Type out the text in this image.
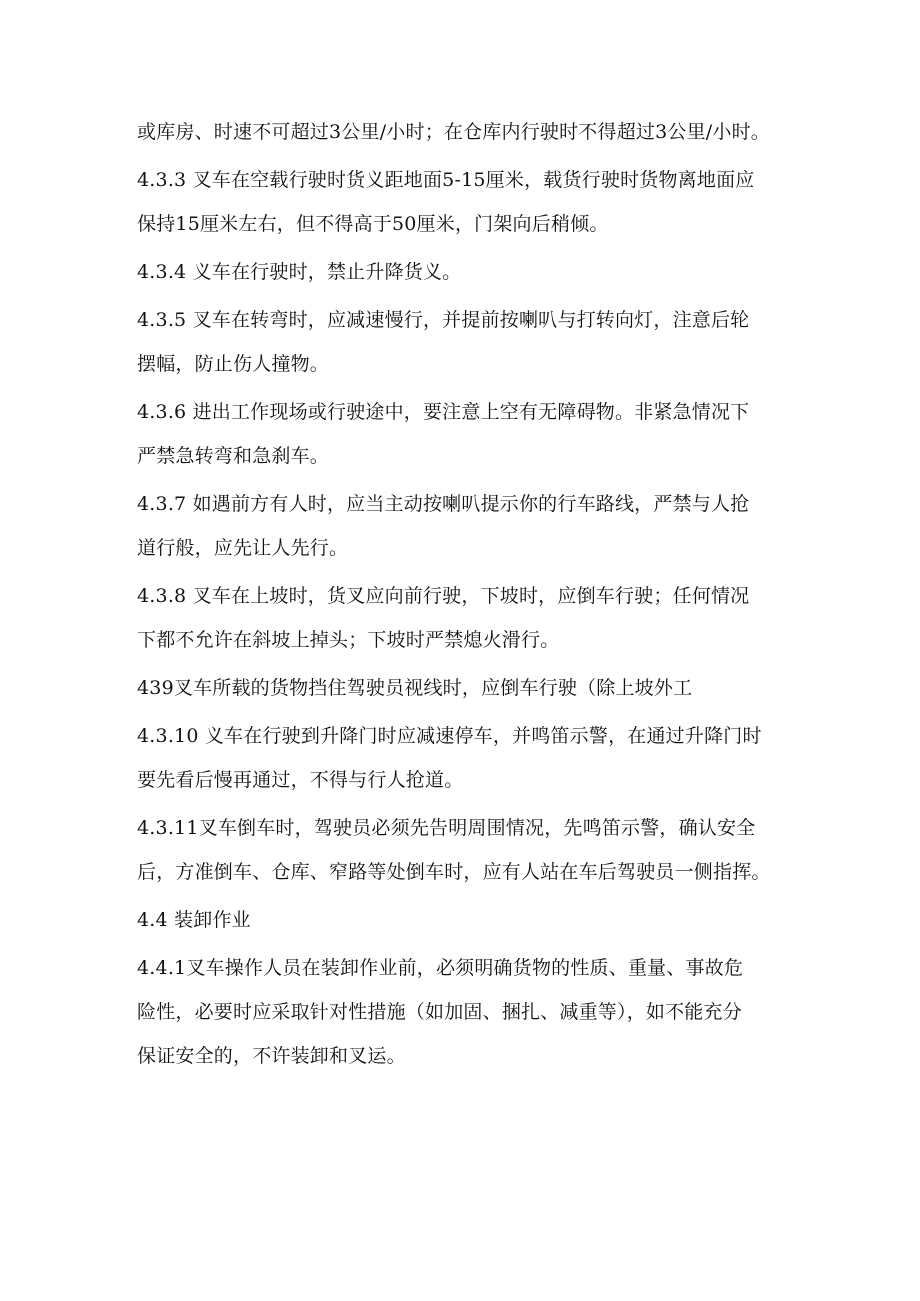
或库房、时速不可超过3公里/小时；在仓库内行驶时不得超过3公里/小时。
4.3.3 叉车在空载行驶时货义距地面5-15厘米，载货行驶时货物离地面应
保持15厘米左右，但不得高于50厘米，门架向后稍倾。
4.3.4 义车在行驶时，禁止升降货义。
4.3.5 叉车在转弯时，应减速慢行，并提前按喇叭与打转向灯，注意后轮
摆幅，防止伤人撞物。
4.3.6 进出工作现场或行驶途中，要注意上空有无障碍物。非紧急情况下
严禁急转弯和急刹车。
4.3.7 如遇前方有人时，应当主动按喇叭提示你的行车路线，严禁与人抢
道行般，应先让人先行。
4.3.8 叉车在上坡时，货叉应向前行驶，下坡时，应倒车行驶；任何情况
下都不允许在斜坡上掉头；下坡时严禁熄火滑行。
439叉车所载的货物挡住驾驶员视线时，应倒车行驶（除上坡外工
4.3.10 义车在行驶到升降门时应减速停车，并鸣笛示警，在通过升降门时
要先看后慢再通过，不得与行人抢道。
4.3.11叉车倒车时，驾驶员必须先告明周围情况，先鸣笛示警，确认安全
后，方准倒车、仓库、窄路等处倒车时，应有人站在车后驾驶员一侧指挥。
4.4 装卸作业
4.4.1叉车操作人员在装卸作业前，必须明确货物的性质、重量、事故危
险性，必要时应采取针对性措施（如加固、捆扎、减重等），如不能充分
保证安全的，不许装卸和叉运。
